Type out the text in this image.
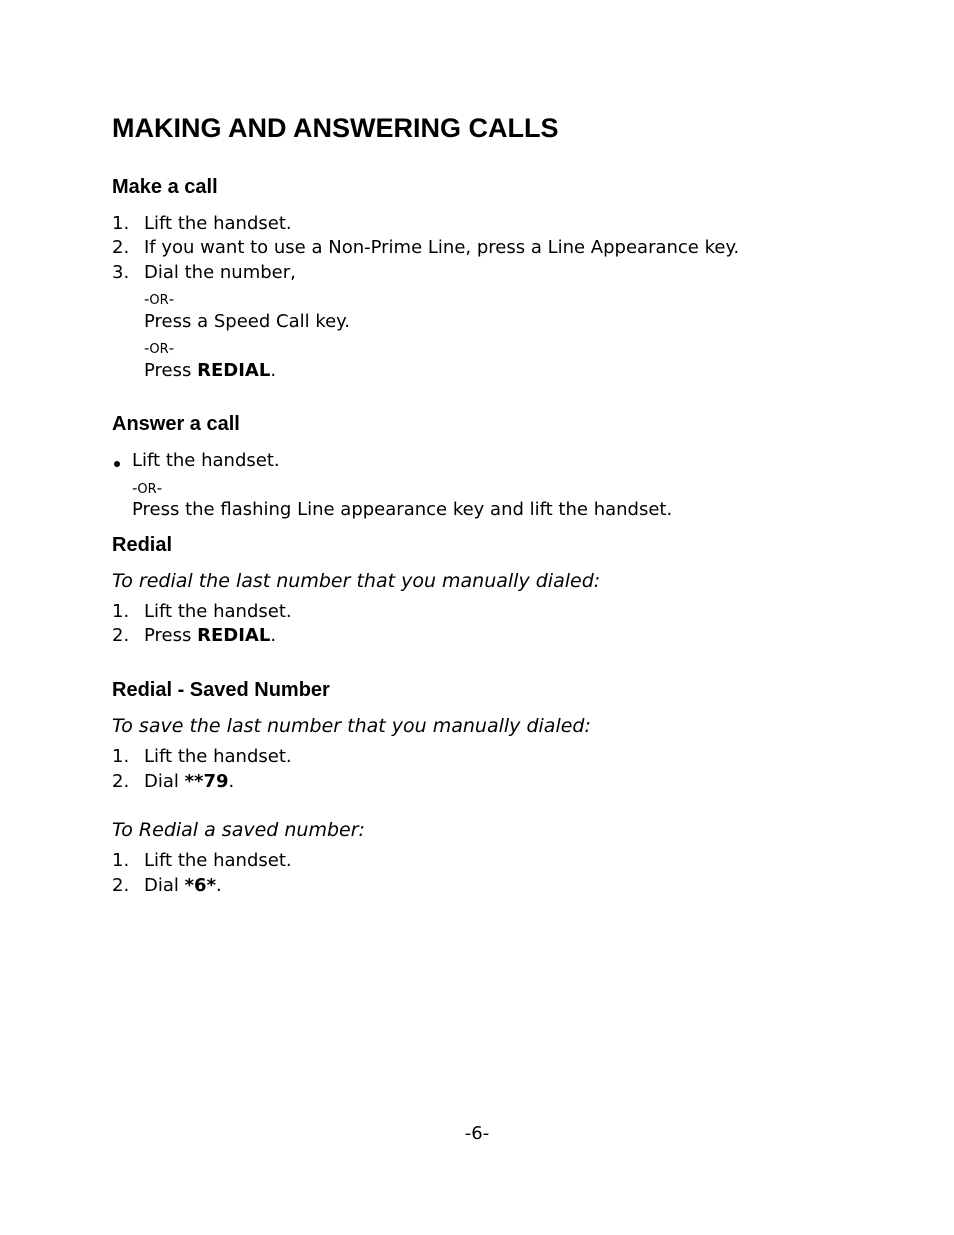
MAKING AND ANSWERING CALLS
Make a call
1. Lift the handset.
2. If you want to use a Non-Prime Line, press a Line Appearance key.
3. Dial the number,
-OR-
Press a Speed Call key.
-OR-
Press REDIAL.
Answer a call
Lift the handset.
-OR-
Press the flashing Line appearance key and lift the handset.
Redial

To redial the last number that you manually dialed:

1. Lift the handset.
2. Press REDIAL.
Redial - Saved Number

To save the last number that you manually dialed:

1. Lift the handset.
2. Dial **79.

To Redial a saved number:

1. Lift the handset.
2. Dial *6*.
-6-
